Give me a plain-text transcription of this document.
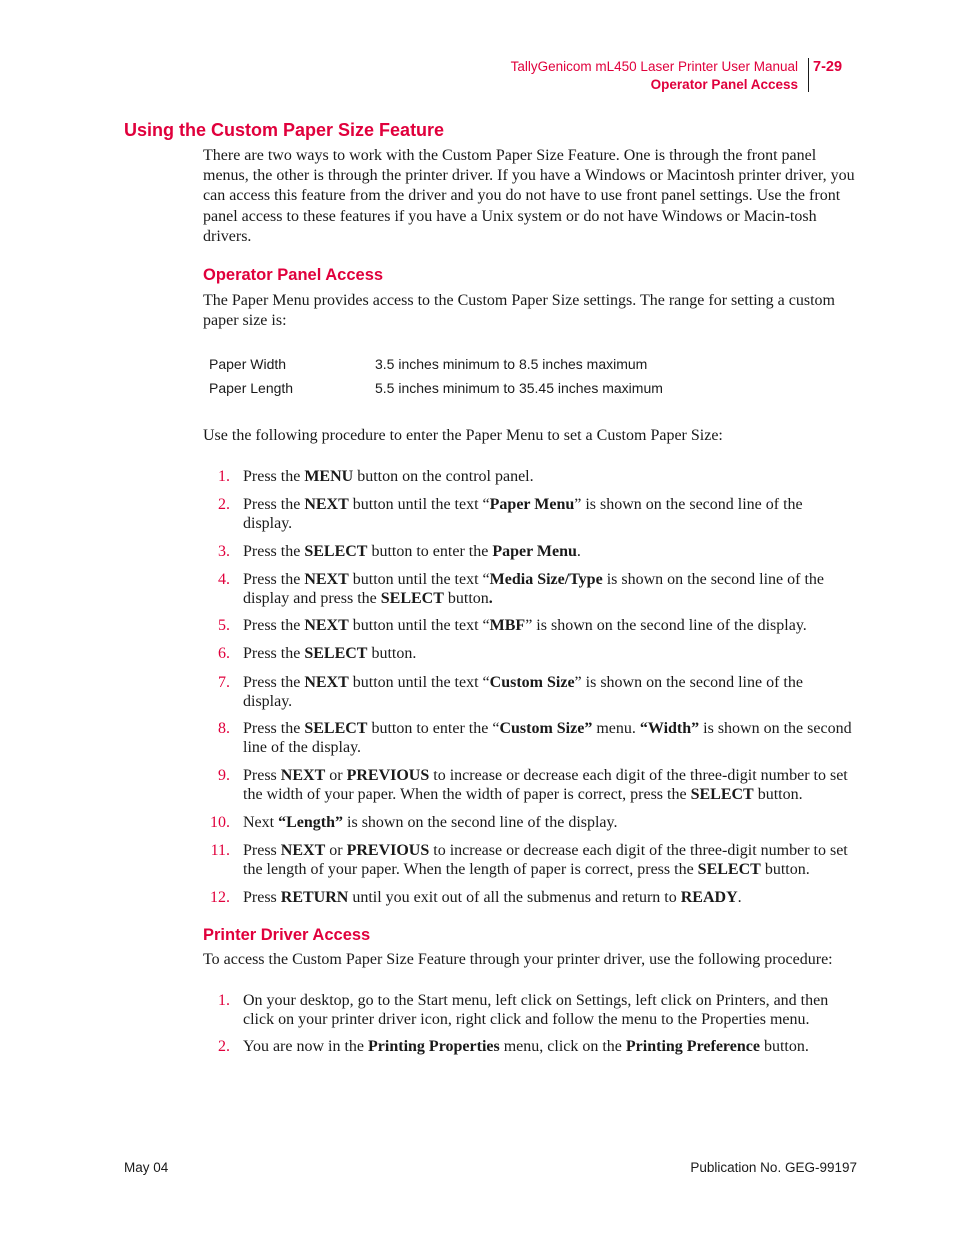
TallyGenicom mL450 Laser Printer User Manual
Operator Panel Access
7-29
Using the Custom Paper Size Feature

There are two ways to work with the Custom Paper Size Feature. One is through the front panel menus, the other is through the printer driver. If you have a Windows or Macintosh printer driver, you can access this feature from the driver and you do not have to use front panel settings. Use the front panel access to these features if you have a Unix system or do not have Windows or Macin-tosh drivers.

Operator Panel Access

The Paper Menu provides access to the Custom Paper Size settings. The range for setting a custom paper size is:

Paper Width	3.5 inches minimum to 8.5 inches maximum
Paper Length	5.5 inches minimum to 35.45 inches maximum

Use the following procedure to enter the Paper Menu to set a Custom Paper Size:

1. Press the MENU button on the control panel.
2. Press the NEXT button until the text “Paper Menu” is shown on the second line of the display.
3. Press the SELECT button to enter the Paper Menu.
4. Press the NEXT button until the text “Media Size/Type is shown on the second line of the display and press the SELECT button.
5. Press the NEXT button until the text “MBF” is shown on the second line of the display.
6. Press the SELECT button.
7. Press the NEXT button until the text “Custom Size” is shown on the second line of the display.
8. Press the SELECT button to enter the “Custom Size” menu. “Width” is shown on the second line of the display.
9. Press NEXT or PREVIOUS to increase or decrease each digit of the three-digit number to set the width of your paper. When the width of paper is correct, press the SELECT button.
10. Next “Length” is shown on the second line of the display.
11. Press NEXT or PREVIOUS to increase or decrease each digit of the three-digit number to set the length of your paper. When the length of paper is correct, press the SELECT button.
12. Press RETURN until you exit out of all the submenus and return to READY.
Printer Driver Access

To access the Custom Paper Size Feature through your printer driver, use the following procedure:

1. On your desktop, go to the Start menu, left click on Settings, left click on Printers, and then click on your printer driver icon, right click and follow the menu to the Properties menu.
2. You are now in the Printing Properties menu, click on the Printing Preference button.
May 04	Publication No. GEG-99197
